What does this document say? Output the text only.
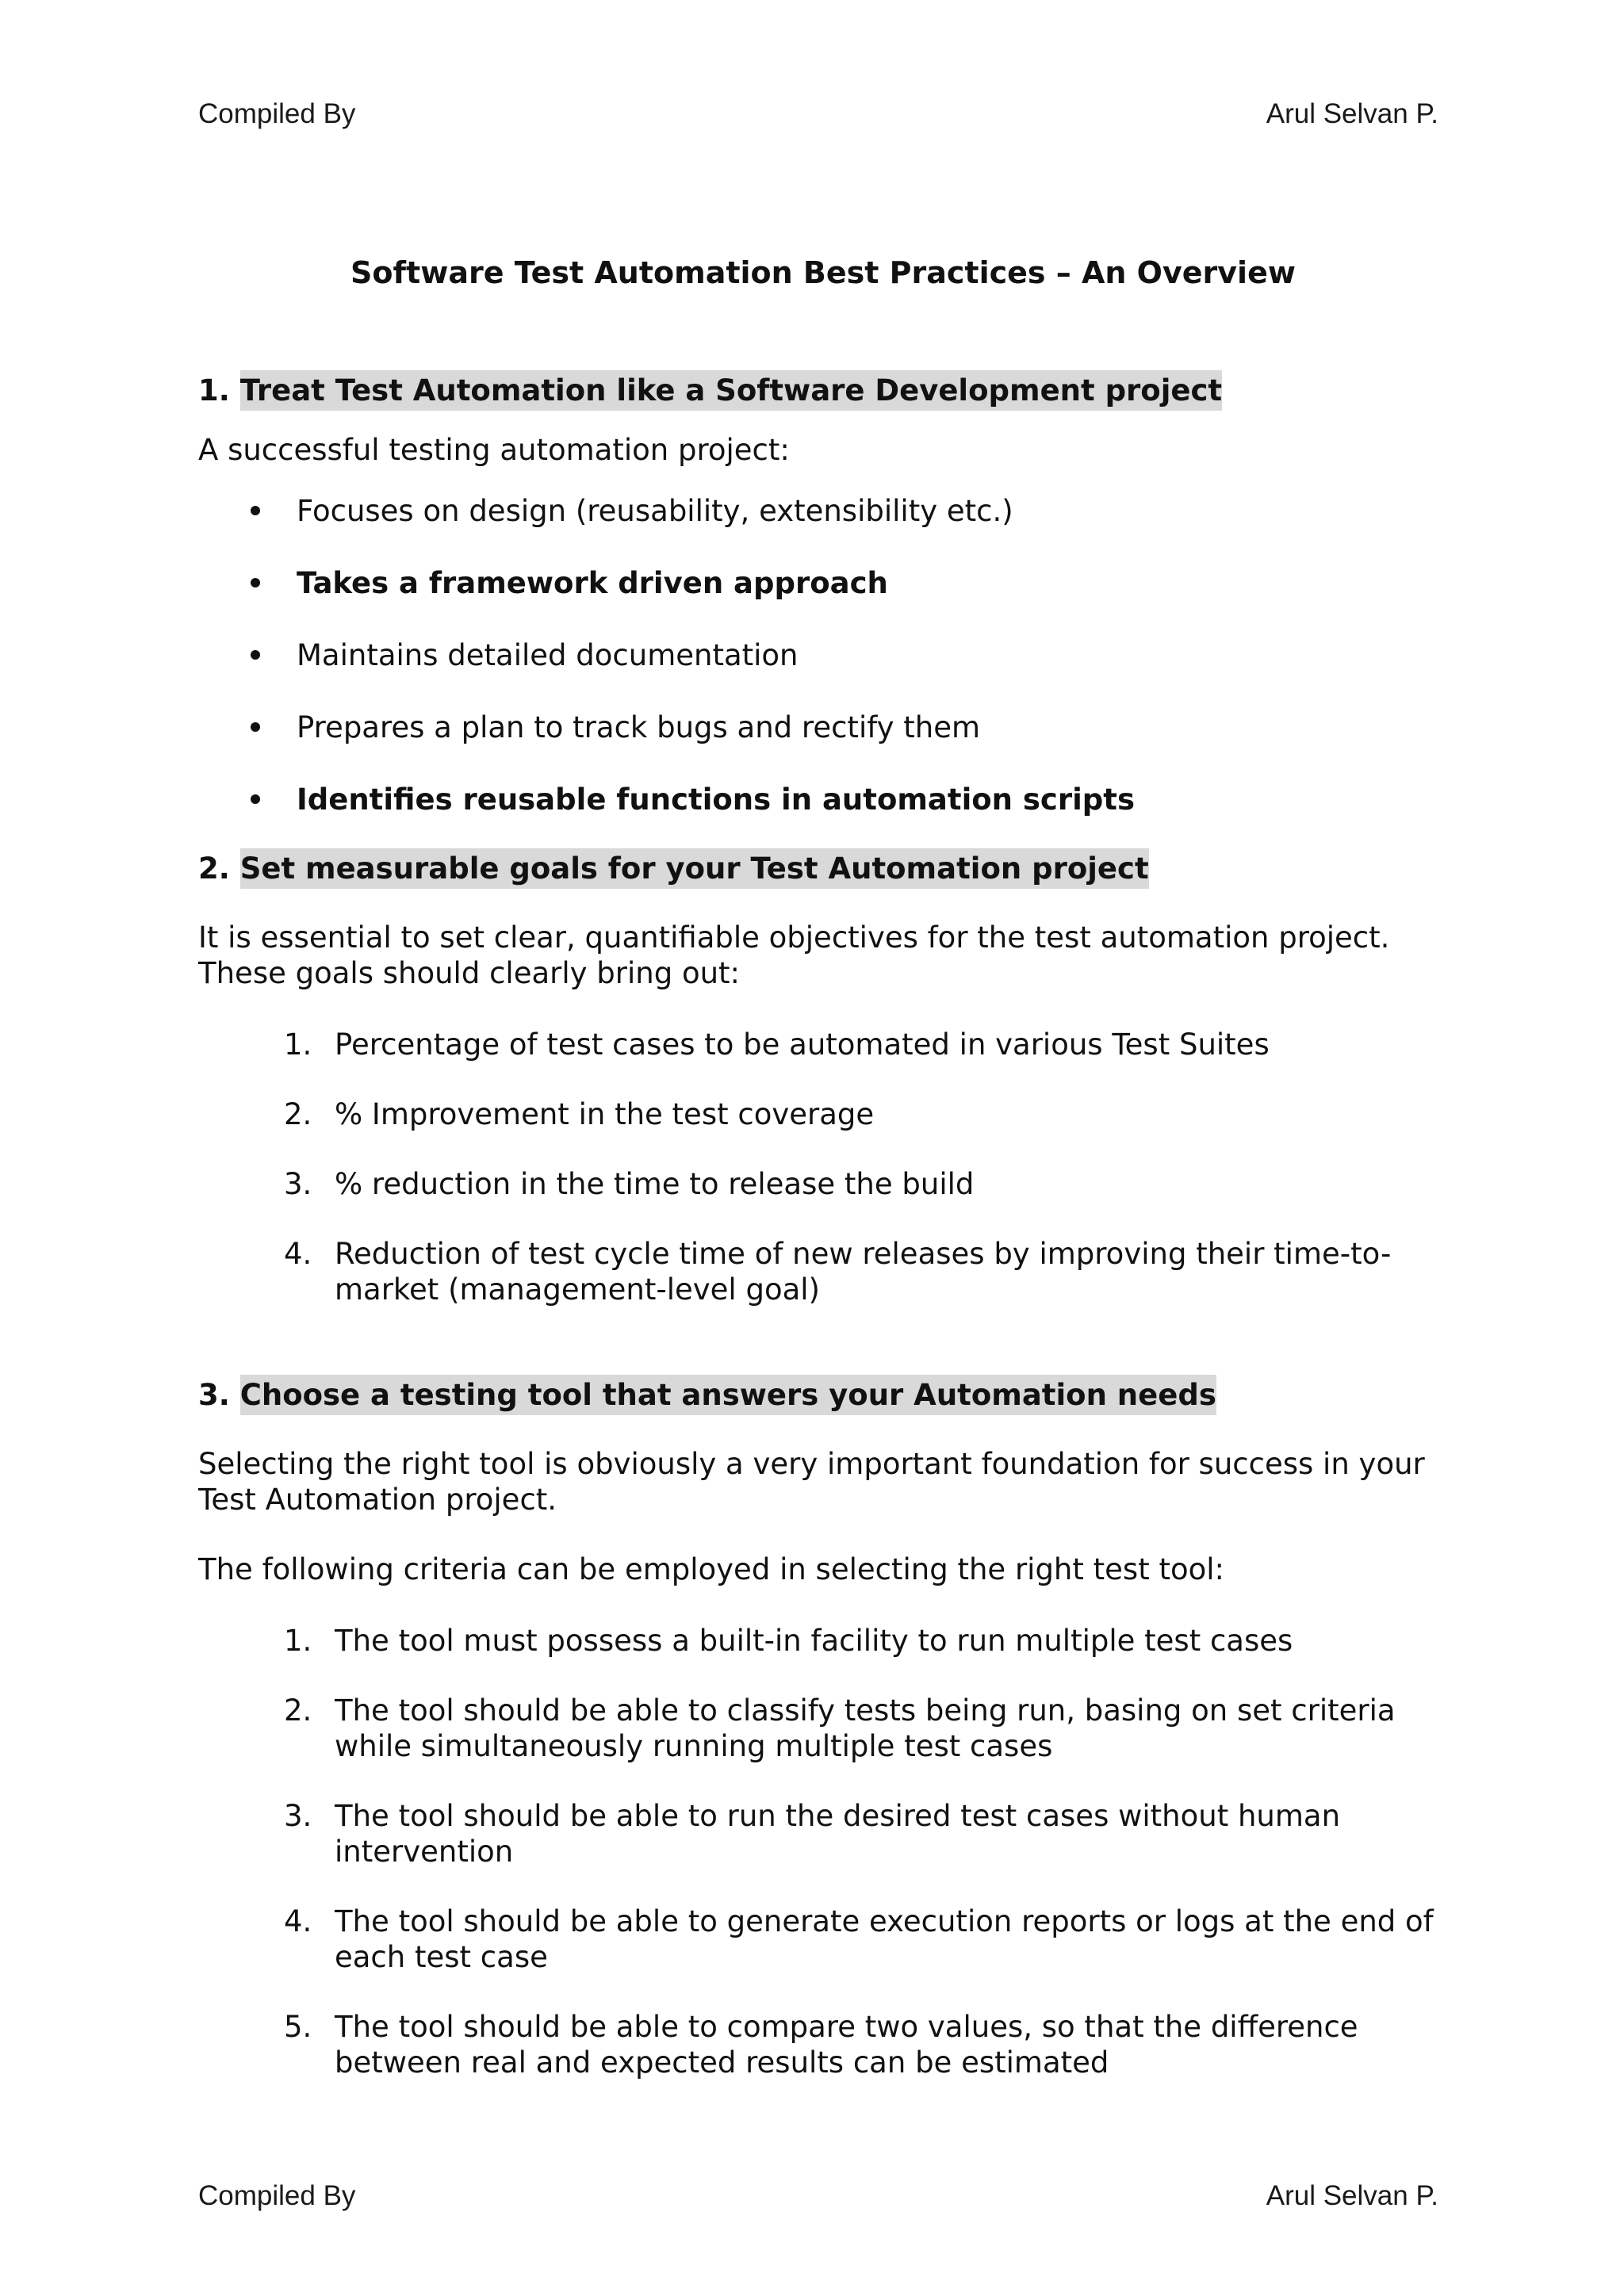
Compiled By	Arul Selvan P.
Software Test Automation Best Practices – An Overview
1. Treat Test Automation like a Software Development project

A successful testing automation project:

Focuses on design (reusability, extensibility etc.)
Takes a framework driven approach
Maintains detailed documentation
Prepares a plan to track bugs and rectify them
Identifies reusable functions in automation scripts
2. Set measurable goals for your Test Automation project

It is essential to set clear, quantifiable objectives for the test automation project. These goals should clearly bring out:

1. Percentage of test cases to be automated in various Test Suites
2. % Improvement in the test coverage
3. % reduction in the time to release the build
4. Reduction of test cycle time of new releases by improving their time-to-market (management-level goal)
3. Choose a testing tool that answers your Automation needs

Selecting the right tool is obviously a very important foundation for success in your Test Automation project.

The following criteria can be employed in selecting the right test tool:

1. The tool must possess a built-in facility to run multiple test cases
2. The tool should be able to classify tests being run, basing on set criteria while simultaneously running multiple test cases
3. The tool should be able to run the desired test cases without human intervention
4. The tool should be able to generate execution reports or logs at the end of each test case
5. The tool should be able to compare two values, so that the difference between real and expected results can be estimated
Compiled By	Arul Selvan P.
